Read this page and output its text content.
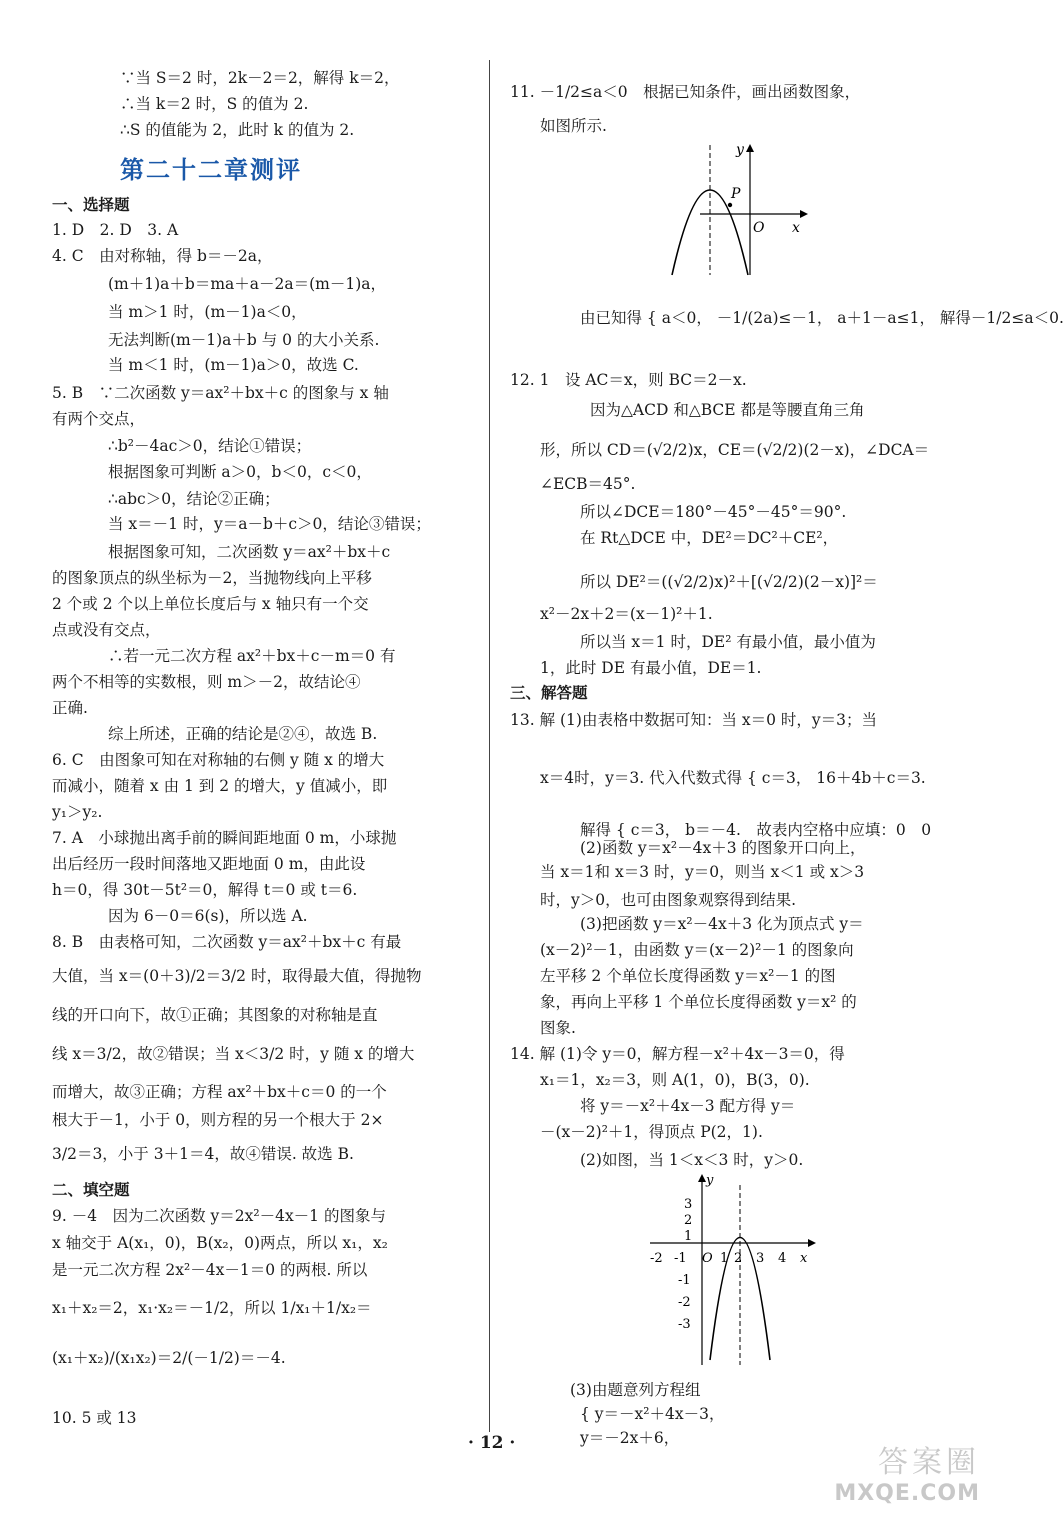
∵当 S＝2 时，2k－2＝2，解得 k＝2，
∴当 k＝2 时，S 的值为 2.
∴S 的值能为 2，此时 k 的值为 2.
第二十二章测评
一、选择题
1. D　2. D　3. A
4. C　由对称轴，得 b＝－2a，
(m＋1)a＋b＝ma＋a－2a＝(m－1)a，
当 m＞1 时，(m－1)a＜0，
无法判断(m－1)a＋b 与 0 的大小关系.
当 m＜1 时，(m－1)a＞0，故选 C.
5. B　∵二次函数 y＝ax²＋bx＋c 的图象与 x 轴
有两个交点，
∴b²－4ac＞0，结论①错误；
根据图象可判断 a＞0，b＜0，c＜0，
∴abc＞0，结论②正确；
当 x＝－1 时，y＝a－b＋c＞0，结论③错误；
根据图象可知，二次函数 y＝ax²＋bx＋c
的图象顶点的纵坐标为－2，当抛物线向上平移
2 个或 2 个以上单位长度后与 x 轴只有一个交
点或没有交点，
∴若一元二次方程 ax²＋bx＋c－m＝0 有
两个不相等的实数根，则 m＞－2，故结论④
正确.
综上所述，正确的结论是②④，故选 B.
6. C　由图象可知在对称轴的右侧 y 随 x 的增大
而减小，随着 x 由 1 到 2 的增大，y 值减小，即
y₁＞y₂.
7. A　小球抛出离手前的瞬间距地面 0 m，小球抛
出后经历一段时间落地又距地面 0 m，由此设
h＝0，得 30t－5t²＝0，解得 t＝0 或 t＝6.
因为 6－0＝6(s)，所以选 A.
8. B　由表格可知，二次函数 y＝ax²＋bx＋c 有最
大值，当 x＝(0＋3)/2＝3/2 时，取得最大值，得抛物
线的开口向下，故①正确；其图象的对称轴是直
线 x＝3/2，故②错误；当 x＜3/2 时，y 随 x 的增大
而增大，故③正确；方程 ax²＋bx＋c＝0 的一个
根大于－1，小于 0，则方程的另一个根大于 2×
3/2＝3，小于 3＋1＝4，故④错误. 故选 B.
二、填空题
9. －4　因为二次函数 y＝2x²－4x－1 的图象与
x 轴交于 A(x₁，0)，B(x₂，0)两点，所以 x₁，x₂
是一元二次方程 2x²－4x－1＝0 的两根. 所以
x₁＋x₂＝2，x₁·x₂＝－1/2，所以 1/x₁＋1/x₂＝
(x₁＋x₂)/(x₁x₂)＝2/(－1/2)＝－4.
10. 5 或 13
11. －1/2≤a＜0　根据已知条件，画出函数图象，
如图所示.
y
x
O
P
由已知得 { a＜0， －1/(2a)≤－1， a＋1－a≤1， 解得－1/2≤a＜0.
12. 1　设 AC＝x，则 BC＝2－x.
因为△ACD 和△BCE 都是等腰直角三角
形，所以 CD＝(√2/2)x，CE＝(√2/2)(2－x)，∠DCA＝
∠ECB＝45°.
所以∠DCE＝180°－45°－45°＝90°.
在 Rt△DCE 中，DE²＝DC²＋CE²，
所以 DE²＝((√2/2)x)²＋[(√2/2)(2－x)]²＝
x²－2x＋2＝(x－1)²＋1.
所以当 x＝1 时，DE² 有最小值，最小值为
1，此时 DE 有最小值，DE＝1.
三、解答题
13. 解 (1)由表格中数据可知：当 x＝0 时，y＝3；当
x＝4时，y＝3. 代入代数式得 { c＝3， 16＋4b＋c＝3.
解得 { c＝3， b＝－4.　故表内空格中应填：0　0
(2)函数 y＝x²－4x＋3 的图象开口向上，
当 x＝1和 x＝3 时，y＝0，则当 x＜1 或 x＞3
时，y＞0，也可由图象观察得到结果.
(3)把函数 y＝x²－4x＋3 化为顶点式 y＝
(x－2)²－1，由函数 y＝(x－2)²－1 的图象向
左平移 2 个单位长度得函数 y＝x²－1 的图
象，再向上平移 1 个单位长度得函数 y＝x² 的
图象.
14. 解 (1)令 y＝0，解方程－x²＋4x－3＝0，得
x₁＝1，x₂＝3，则 A(1，0)，B(3，0).
将 y＝－x²＋4x－3 配方得 y＝
－(x－2)²＋1，得顶点 P(2，1).
(2)如图，当 1＜x＜3 时，y＞0.
y
x
O
-2 -1	1 2 3 4
3
2
1
-1
-2
-3
(3)由题意列方程组
{ y＝－x²＋4x－3，
y＝－2x＋6，
· 12 ·
答案圈
MXQE.COM
